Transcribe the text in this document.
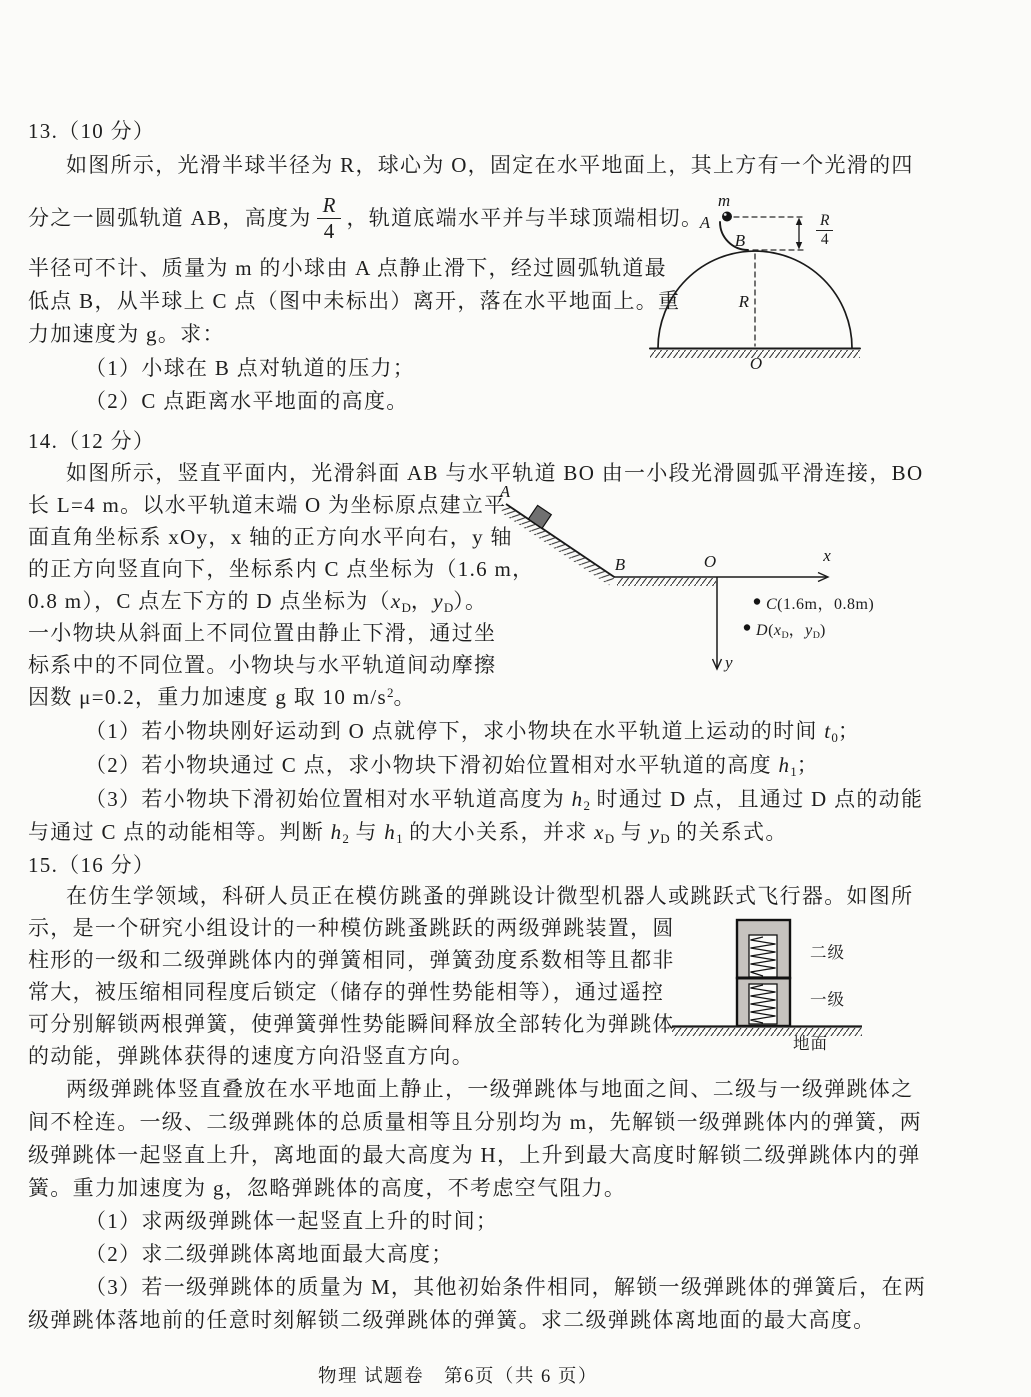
m
A
B
R
O
A
B	O	x
y
二级
一级
地面
$\frac{R}{4}$
C(1.6m，0.8m)
D(xD，yD)
13.（10 分）
如图所示，光滑半球半径为 R，球心为 O，固定在水平地面上，其上方有一个光滑的四
分之一圆弧轨道 AB，高度为 $\frac{R}{4}$ ，轨道底端水平并与半球顶端相切。
半径可不计、质量为 m 的小球由 A 点静止滑下，经过圆弧轨道最
低点 B，从半球上 C 点（图中未标出）离开，落在水平地面上。重
力加速度为 g。求：
（1）小球在 B 点对轨道的压力；
（2）C 点距离水平地面的高度。
14.（12 分）
如图所示，竖直平面内，光滑斜面 AB 与水平轨道 BO 由一小段光滑圆弧平滑连接，BO
长 L=4 m。以水平轨道末端 O 为坐标原点建立平
面直角坐标系 xOy，x 轴的正方向水平向右，y 轴
的正方向竖直向下，坐标系内 C 点坐标为（1.6 m，
0.8 m），C 点左下方的 D 点坐标为（xD，yD）。
一小物块从斜面上不同位置由静止下滑，通过坐
标系中的不同位置。小物块与水平轨道间动摩擦
因数 μ=0.2，重力加速度 g 取 10 $m/s^2$。
（1）若小物块刚好运动到 O 点就停下，求小物块在水平轨道上运动的时间 t0；
（2）若小物块通过 C 点，求小物块下滑初始位置相对水平轨道的高度 h1；
（3）若小物块下滑初始位置相对水平轨道高度为 h2 时通过 D 点，且通过 D 点的动能
与通过 C 点的动能相等。判断 h2 与 h1 的大小关系，并求 xD 与 yD 的关系式。
15.（16 分）
在仿生学领域，科研人员正在模仿跳蚤的弹跳设计微型机器人或跳跃式飞行器。如图所
示，是一个研究小组设计的一种模仿跳蚤跳跃的两级弹跳装置，圆
柱形的一级和二级弹跳体内的弹簧相同，弹簧劲度系数相等且都非
常大，被压缩相同程度后锁定（储存的弹性势能相等），通过遥控
可分别解锁两根弹簧，使弹簧弹性势能瞬间释放全部转化为弹跳体
的动能，弹跳体获得的速度方向沿竖直方向。
两级弹跳体竖直叠放在水平地面上静止，一级弹跳体与地面之间、二级与一级弹跳体之
间不栓连。一级、二级弹跳体的总质量相等且分别均为 m，先解锁一级弹跳体内的弹簧，两
级弹跳体一起竖直上升，离地面的最大高度为 H，上升到最大高度时解锁二级弹跳体内的弹
簧。重力加速度为 g，忽略弹跳体的高度，不考虑空气阻力。
（1）求两级弹跳体一起竖直上升的时间；
（2）求二级弹跳体离地面最大高度；
（3）若一级弹跳体的质量为 M，其他初始条件相同，解锁一级弹跳体的弹簧后，在两
级弹跳体落地前的任意时刻解锁二级弹跳体的弹簧。求二级弹跳体离地面的最大高度。
物理 试题卷　第6页（共 6 页）
